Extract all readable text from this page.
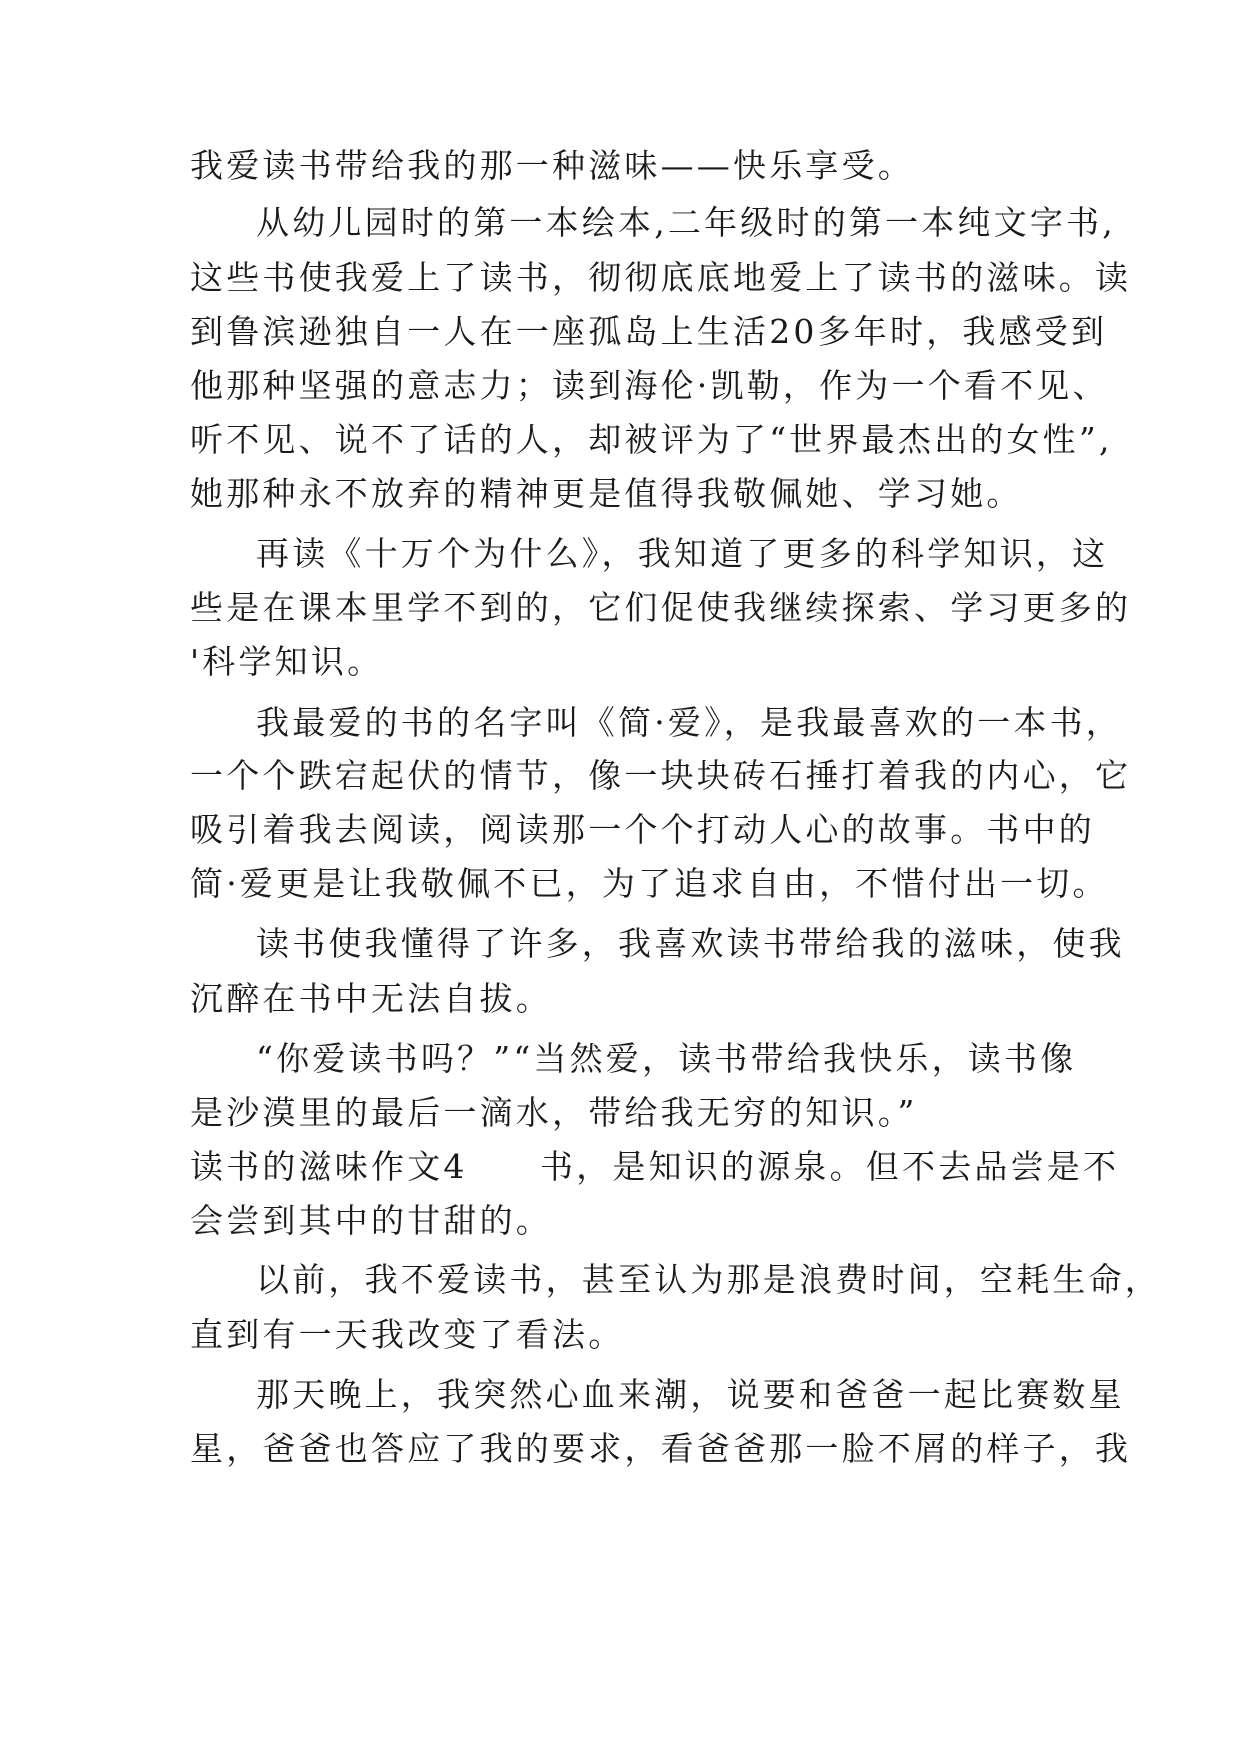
我爱读书带给我的那一种滋味——快乐享受。
从幼儿园时的第一本绘本,二年级时的第一本纯文字书,
这些书使我爱上了读书，彻彻底底地爱上了读书的滋味。读
到鲁滨逊独自一人在一座孤岛上生活20多年时，我感受到
他那种坚强的意志力；读到海伦·凯勒，作为一个看不见、
听不见、说不了话的人，却被评为了“世界最杰出的女性”,
她那种永不放弃的精神更是值得我敬佩她、学习她。
再读《十万个为什么》，我知道了更多的科学知识，这
些是在课本里学不到的，它们促使我继续探索、学习更多的
'科学知识。
我最爱的书的名字叫《简·爱》，是我最喜欢的一本书，
一个个跌宕起伏的情节，像一块块砖石捶打着我的内心，它
吸引着我去阅读，阅读那一个个打动人心的故事。书中的
简·爱更是让我敬佩不已，为了追求自由，不惜付出一切。
读书使我懂得了许多，我喜欢读书带给我的滋味，使我
沉醉在书中无法自拔。
“你爱读书吗？”“当然爱，读书带给我快乐，读书像
是沙漠里的最后一滴水，带给我无穷的知识。”
读书的滋味作文4　　书，是知识的源泉。但不去品尝是不
会尝到其中的甘甜的。
以前，我不爱读书，甚至认为那是浪费时间，空耗生命，
直到有一天我改变了看法。
那天晚上，我突然心血来潮，说要和爸爸一起比赛数星
星，爸爸也答应了我的要求，看爸爸那一脸不屑的样子，我
